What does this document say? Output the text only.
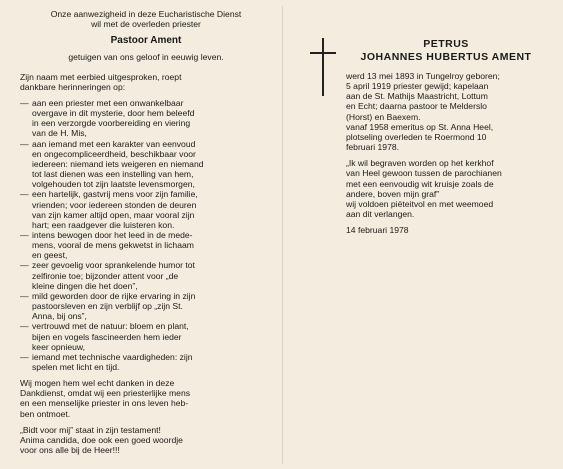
Onze aanwezigheid in deze Eucharistische Dienst
wil met de overleden priester
Pastoor Ament
getuigen van ons geloof in eeuwig leven.

Zijn naam met eerbied uitgesproken, roept

dankbare herinneringen op:

— aan een priester met een onwankelbaar

overgave in dit mysterie, door hem beleefd

in een verzorgde voorbereiding en viering

van de H. Mis,

— aan iemand met een karakter van eenvoud

en ongecompliceerdheid, beschikbaar voor

iedereen: niemand iets weigeren en niemand

tot last dienen was een instelling van hem,

volgehouden tot zijn laatste levensmorgen,

— een hartelijk, gastvrij mens voor zijn familie,

vrienden; voor iedereen stonden de deuren

van zijn kamer altijd open, maar vooral zijn

hart; een raadgever die luisteren kon.

— intens bewogen door het leed in de mede-

mens, vooral de mens gekwetst in lichaam

en geest,

— zeer gevoelig voor sprankelende humor tot

zelfironie toe; bijzonder attent voor „de

kleine dingen die het doen”,

— mild geworden door de rijke ervaring in zijn

pastoorsleven en zijn verblijf op „zijn St.

Anna, bij ons”,

— vertrouwd met de natuur: bloem en plant,

bijen en vogels fascineerden hem ieder

keer opnieuw,

— iemand met technische vaardigheden: zijn

spelen met licht en tijd.

Wij mogen hem wel echt danken in deze

Dankdienst, omdat wij een priesterlijke mens

en een menselijke priester in ons leven heb-

ben ontmoet.

„Bidt voor mij” staat in zijn testament!

Anima candida, doe ook een goed woordje

voor ons alle bij de Heer!!!

PETRUS
JOHANNES HUBERTUS AMENT

werd 13 mei 1893 in Tungelroy geboren;

5 april 1919 priester gewijd; kapelaan

aan de St. Mathijs Maastricht, Lottum

en Echt; daarna pastoor te Melderslo

(Horst) en Baexem.

vanaf 1958 emeritus op St. Anna Heel,

plotseling overleden te Roermond 10

februari 1978.

„Ik wil begraven worden op het kerkhof

van Heel gewoon tussen de parochianen

met een eenvoudig wit kruisje zoals de

andere, boven mijn graf”

wij voldoen piëteitvol en met weemoed

aan dit verlangen.

14 februari 1978
